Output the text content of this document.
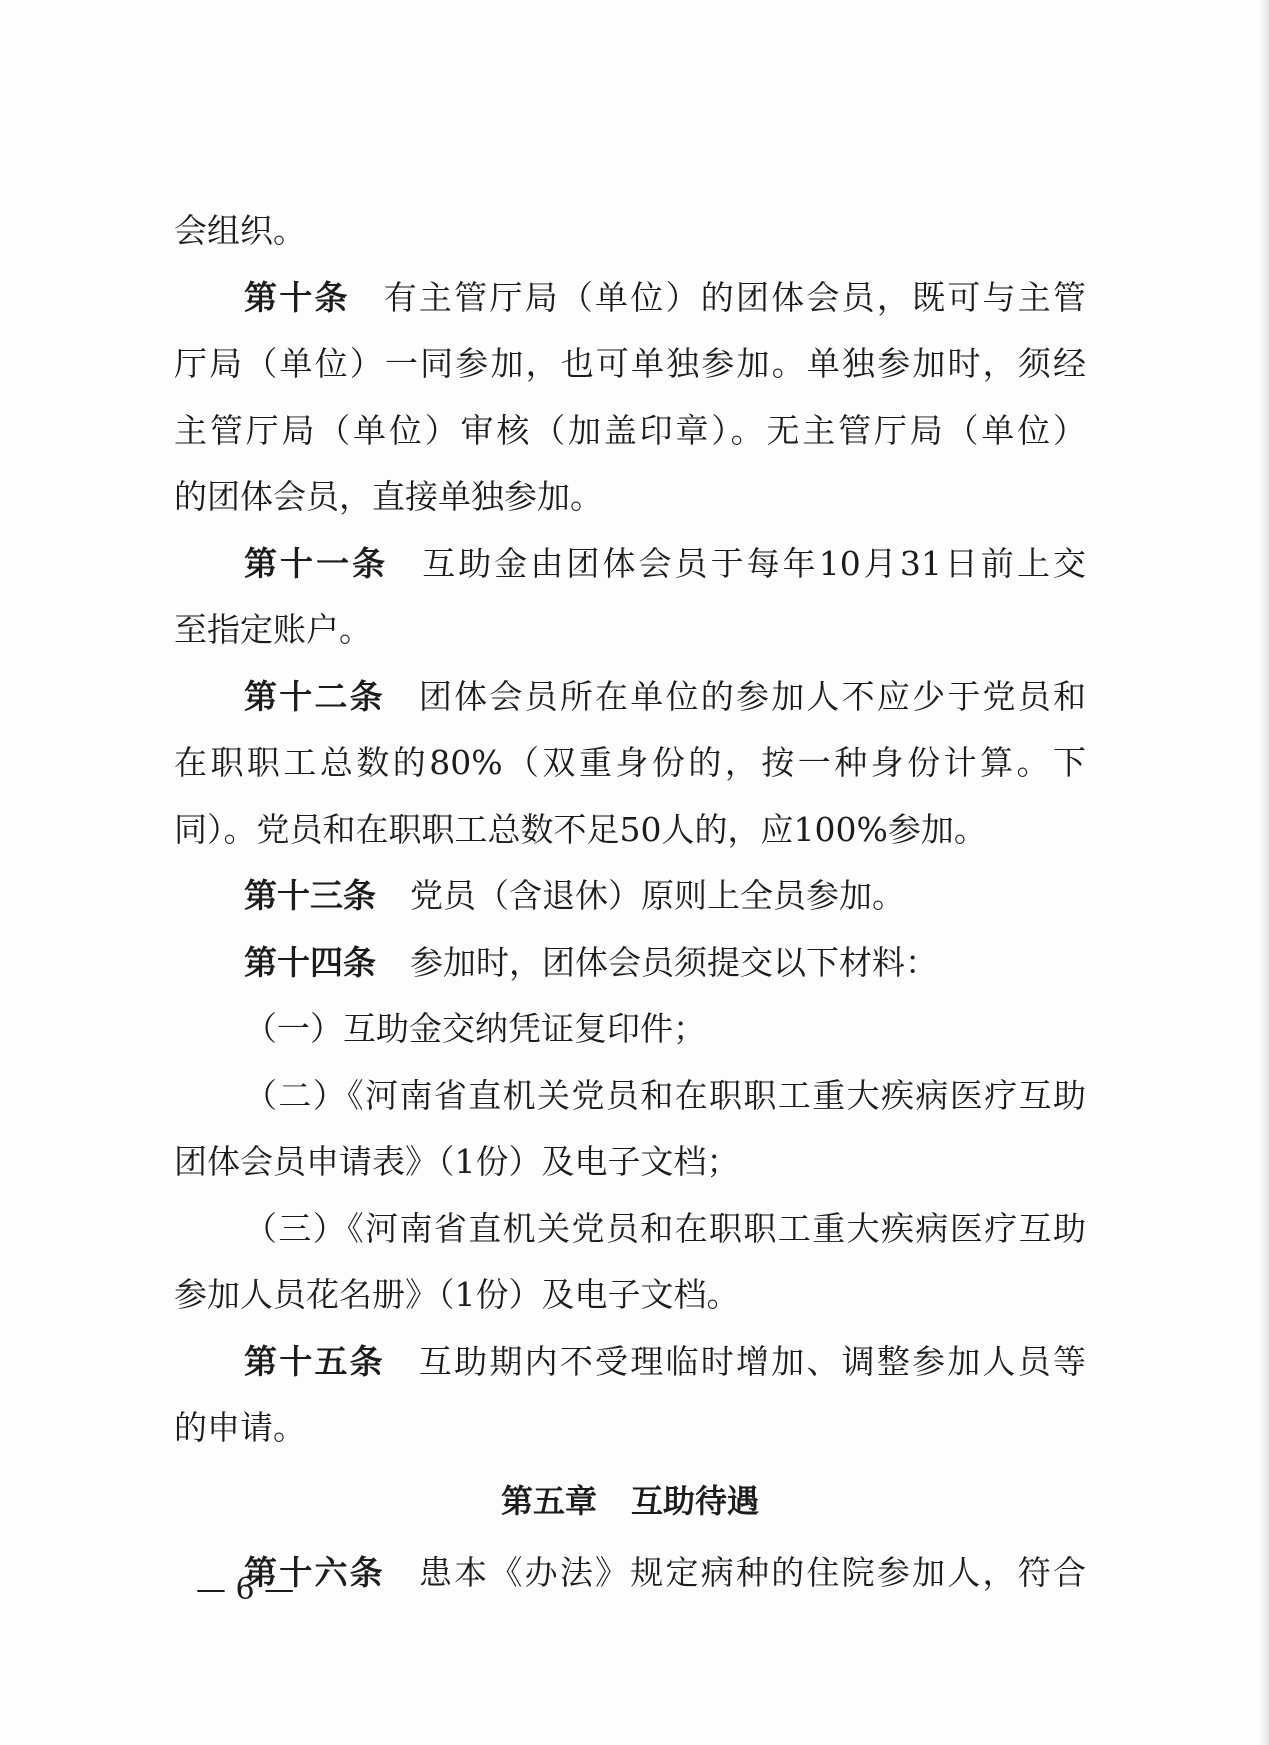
会组织。
第十条 有主管厅局（单位）的团体会员，既可与主管
厅局（单位）一同参加，也可单独参加。单独参加时，须经
主管厅局（单位）审核（加盖印章）。无主管厅局（单位）
的团体会员，直接单独参加。
第十一条 互助金由团体会员于每年10月31日前上交
至指定账户。
第十二条 团体会员所在单位的参加人不应少于党员和
在职职工总数的80%（双重身份的，按一种身份计算。下
同）。党员和在职职工总数不足50人的，应100%参加。
第十三条 党员（含退休）原则上全员参加。
第十四条 参加时，团体会员须提交以下材料：
（一）互助金交纳凭证复印件；
（二）《河南省直机关党员和在职职工重大疾病医疗互助
团体会员申请表》（1份）及电子文档；
（三）《河南省直机关党员和在职职工重大疾病医疗互助
参加人员花名册》（1份）及电子文档。
第十五条 互助期内不受理临时增加、调整参加人员等
的申请。
第五章 互助待遇
第十六条 患本《办法》规定病种的住院参加人，符合
— 6 —
